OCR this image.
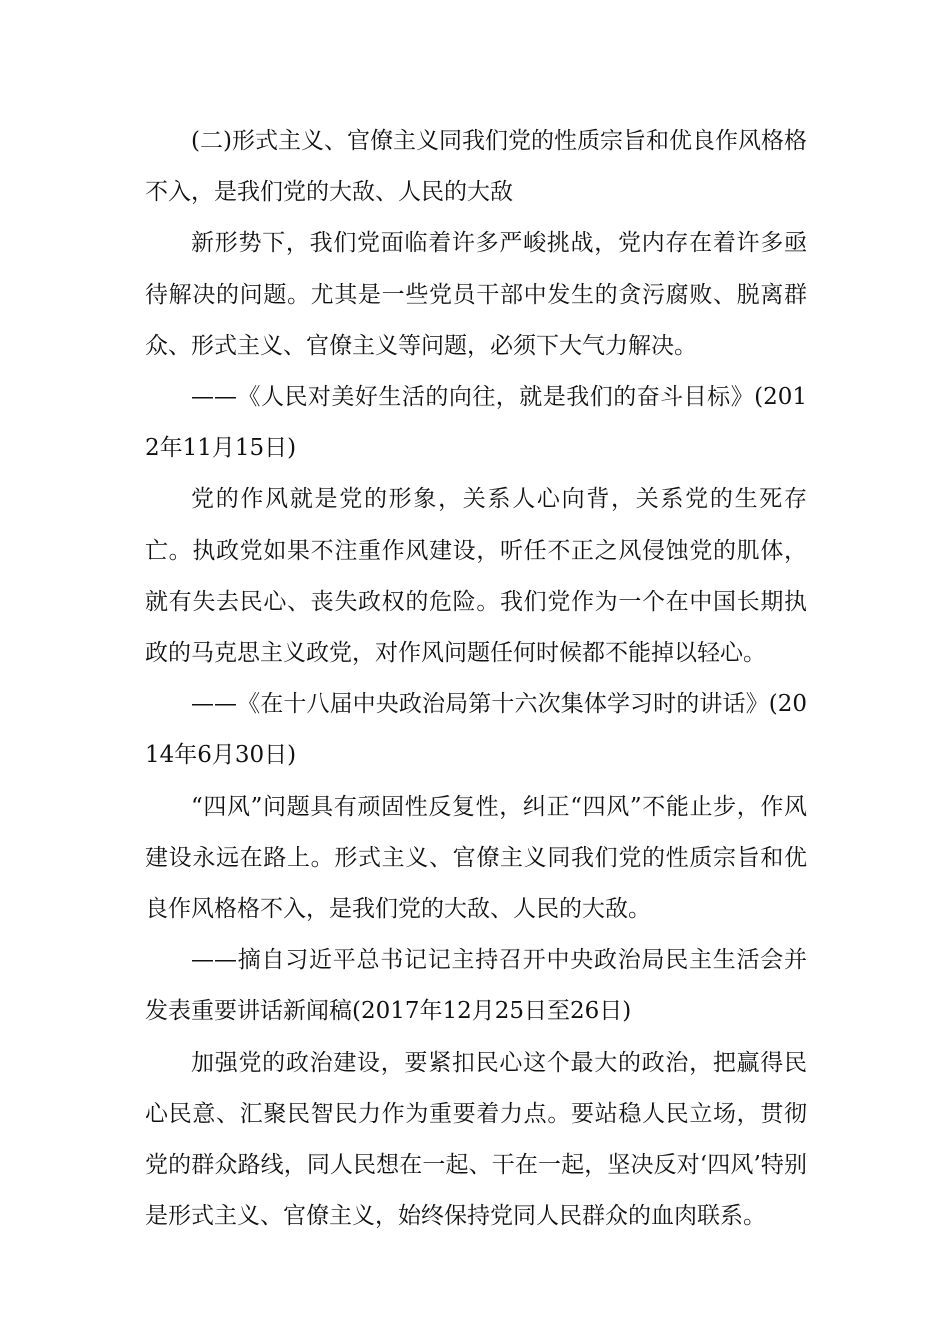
(二)形式主义、官僚主义同我们党的性质宗旨和优良作风格格不入，是我们党的大敌、人民的大敌

新形势下，我们党面临着许多严峻挑战，党内存在着许多亟待解决的问题。尤其是一些党员干部中发生的贪污腐败、脱离群众、形式主义、官僚主义等问题，必须下大气力解决。

——《人民对美好生活的向往，就是我们的奋斗目标》(2012年11月15日)

党的作风就是党的形象，关系人心向背，关系党的生死存亡。执政党如果不注重作风建设，听任不正之风侵蚀党的肌体，就有失去民心、丧失政权的危险。我们党作为一个在中国长期执政的马克思主义政党，对作风问题任何时候都不能掉以轻心。

——《在十八届中央政治局第十六次集体学习时的讲话》(2014年6月30日)

“四风”问题具有顽固性反复性，纠正“四风”不能止步，作风建设永远在路上。形式主义、官僚主义同我们党的性质宗旨和优良作风格格不入，是我们党的大敌、人民的大敌。

——摘自习近平总书记记主持召开中央政治局民主生活会并发表重要讲话新闻稿(2017年12月25日至26日)

加强党的政治建设，要紧扣民心这个最大的政治，把赢得民心民意、汇聚民智民力作为重要着力点。要站稳人民立场，贯彻党的群众路线，同人民想在一起、干在一起，坚决反对‘四风’特别是形式主义、官僚主义，始终保持党同人民群众的血肉联系。
